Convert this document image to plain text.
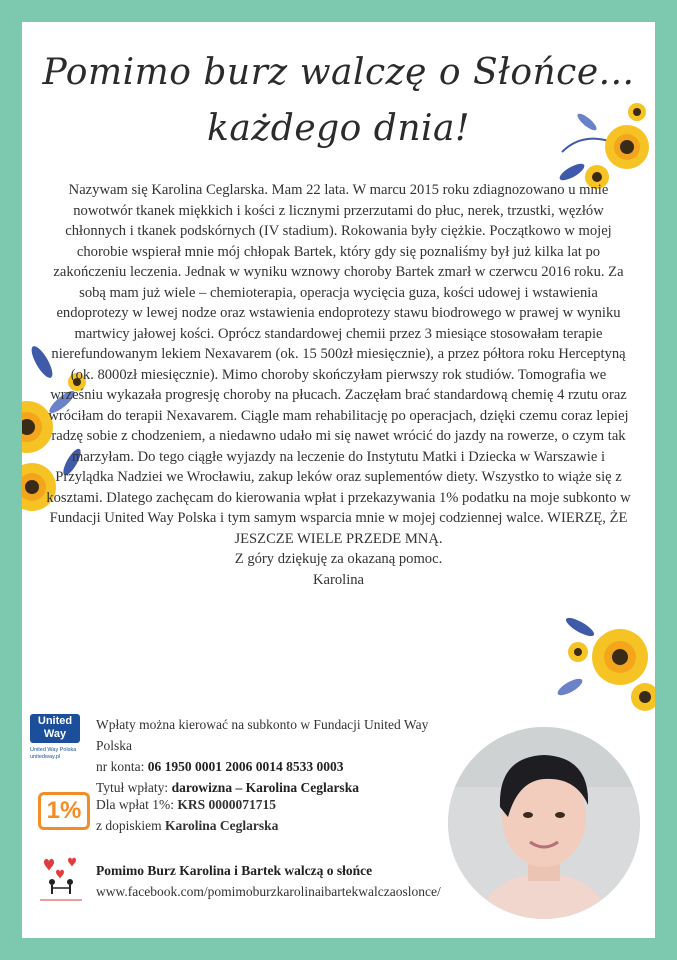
Pomimo burz walczę o Słońce...
każdego dnia!

Nazywam się Karolina Ceglarska. Mam 22 lata. W marcu 2015 roku zdiagnozowano u mnie nowotwór tkanek miękkich i kości z licznymi przerzutami do płuc, nerek, trzustki, węzłów chłonnych i tkanek podskórnych (IV stadium). Rokowania były ciężkie. Początkowo w mojej chorobie wspierał mnie mój chłopak Bartek, który gdy się poznaliśmy był już kilka lat po zakończeniu leczenia. Jednak w wyniku wznowy choroby Bartek zmarł w czerwcu 2016 roku. Za sobą mam już wiele – chemioterapia, operacja wycięcia guza, kości udowej i wstawienia endoprotezy w lewej nodze oraz wstawienia endoprotezy stawu biodrowego w prawej w wyniku martwicy jałowej kości. Oprócz standardowej chemii przez 3 miesiące stosowałam terapie nierefundowanym lekiem Nexavarem (ok. 15 500zł miesięcznie), a przez półtora roku Herceptyną (ok. 8000zł miesięcznie). Mimo choroby skończyłam pierwszy rok studiów. Tomografia we wrześniu wykazała progresję choroby na płucach. Zaczęłam brać standardową chemię 4 rzutu oraz wróciłam do terapii Nexavarem. Ciągle mam rehabilitację po operacjach, dzięki czemu coraz lepiej radzę sobie z chodzeniem, a niedawno udało mi się nawet wrócić do jazdy na rowerze, o czym tak marzyłam. Do tego ciągłe wyjazdy na leczenie do Instytutu Matki i Dziecka w Warszawie i Przylądka Nadziei we Wrocławiu, zakup leków oraz suplementów diety. Wszystko to wiąże się z kosztami. Dlatego zachęcam do kierowania wpłat i przekazywania 1% podatku na moje subkonto w Fundacji United Way Polska i tym samym wsparcia mnie w mojej codziennej walce. WIERZĘ, ŻE JESZCZE WIELE PRZEDE MNĄ.

Z góry dziękuję za okazaną pomoc.

Karolina

United
Way
United Way Polska
unitedway.pl
Wpłaty można kierować na subkonto w Fundacji United Way Polska
nr konta: 06 1950 0001 2006 0014 8533 0003
Tytuł wpłaty: darowizna – Karolina Ceglarska
1%	Dla wpłat 1%: KRS 0000071715
z dopiskiem Karolina Ceglarska
Pomimo Burz Karolina i Bartek walczą o słońce
www.facebook.com/pomimoburzkarolinaibartekwalczaoslonce/
